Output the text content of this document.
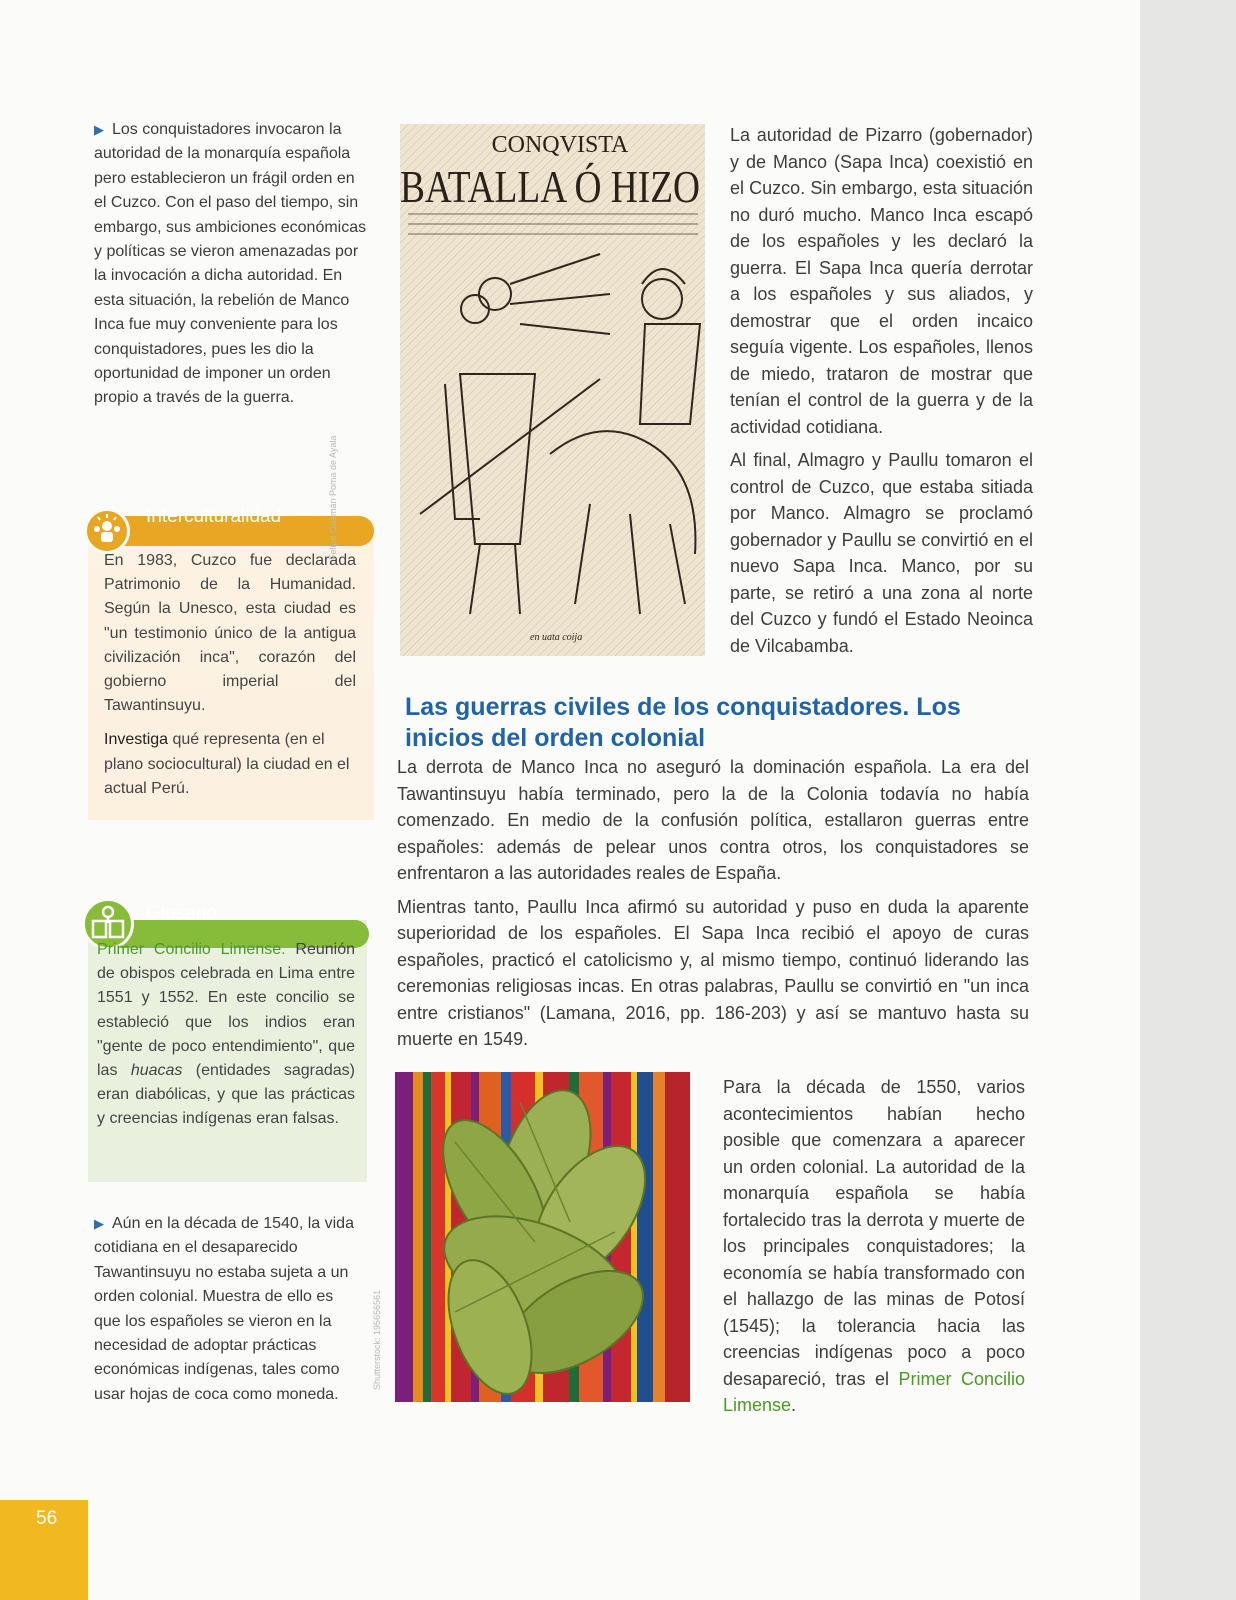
▶ Los conquistadores invocaron la autoridad de la monarquía española pero establecieron un frágil orden en el Cuzco. Con el paso del tiempo, sin embargo, sus ambiciones económicas y políticas se vieron amenazadas por la invocación a dicha autoridad. En esta situación, la rebelión de Manco Inca fue muy conveniente para los conquistadores, pues les dio la oportunidad de imponer un orden propio a través de la guerra.

Interculturalidad

En 1983, Cuzco fue declarada Patrimonio de la Humanidad. Según la Unesco, esta ciudad es "un testimonio único de la antigua civilización inca", corazón del gobierno imperial del Tawantinsuyu.

Investiga qué representa (en el plano sociocultural) la ciudad en el actual Perú.

Glosario

Primer Concilio Limense. Reunión de obispos celebrada en Lima entre 1551 y 1552. En este concilio se estableció que los indios eran "gente de poco entendimiento", que las huacas (entidades sagradas) eran diabólicas, y que las prácticas y creencias indígenas eran falsas.

▶ Aún en la década de 1540, la vida cotidiana en el desaparecido Tawantinsuyu no estaba sujeta a un orden colonial. Muestra de ello es que los españoles se vieron en la necesidad de adoptar prácticas económicas indígenas, tales como usar hojas de coca como moneda.

CONQVISTA
BATALLA Ó HIZO
en uata coija
Felipe Guamán Poma de Ayala

La autoridad de Pizarro (gobernador) y de Manco (Sapa Inca) coexistió en el Cuzco. Sin embargo, esta situación no duró mucho. Manco Inca escapó de los españoles y les declaró la guerra. El Sapa Inca quería derrotar a los españoles y sus aliados, y demostrar que el orden incaico seguía vigente. Los españoles, llenos de miedo, trataron de mostrar que tenían el control de la guerra y de la actividad cotidiana.

Al final, Almagro y Paullu tomaron el control de Cuzco, que estaba sitiada por Manco. Almagro se proclamó gobernador y Paullu se convirtió en el nuevo Sapa Inca. Manco, por su parte, se retiró a una zona al norte del Cuzco y fundó el Estado Neoinca de Vilcabamba.

Las guerras civiles de los conquistadores. Los inicios del orden colonial

La derrota de Manco Inca no aseguró la dominación española. La era del Tawantinsuyu había terminado, pero la de la Colonia todavía no había comenzado. En medio de la confusión política, estallaron guerras entre españoles: además de pelear unos contra otros, los conquistadores se enfrentaron a las autoridades reales de España.

Mientras tanto, Paullu Inca afirmó su autoridad y puso en duda la aparente superioridad de los españoles. El Sapa Inca recibió el apoyo de curas españoles, practicó el catolicismo y, al mismo tiempo, continuó liderando las ceremonias religiosas incas. En otras palabras, Paullu se convirtió en "un inca entre cristianos" (Lamana, 2016, pp. 186-203) y así se mantuvo hasta su muerte en 1549.

Shutterstock: 195656561

Para la década de 1550, varios acontecimientos habían hecho posible que comenzara a aparecer un orden colonial. La autoridad de la monarquía española se había fortalecido tras la derrota y muerte de los principales conquistadores; la economía se había transformado con el hallazgo de las minas de Potosí (1545); la tolerancia hacia las creencias indígenas poco a poco desapareció, tras el Primer Concilio Limense.

56
